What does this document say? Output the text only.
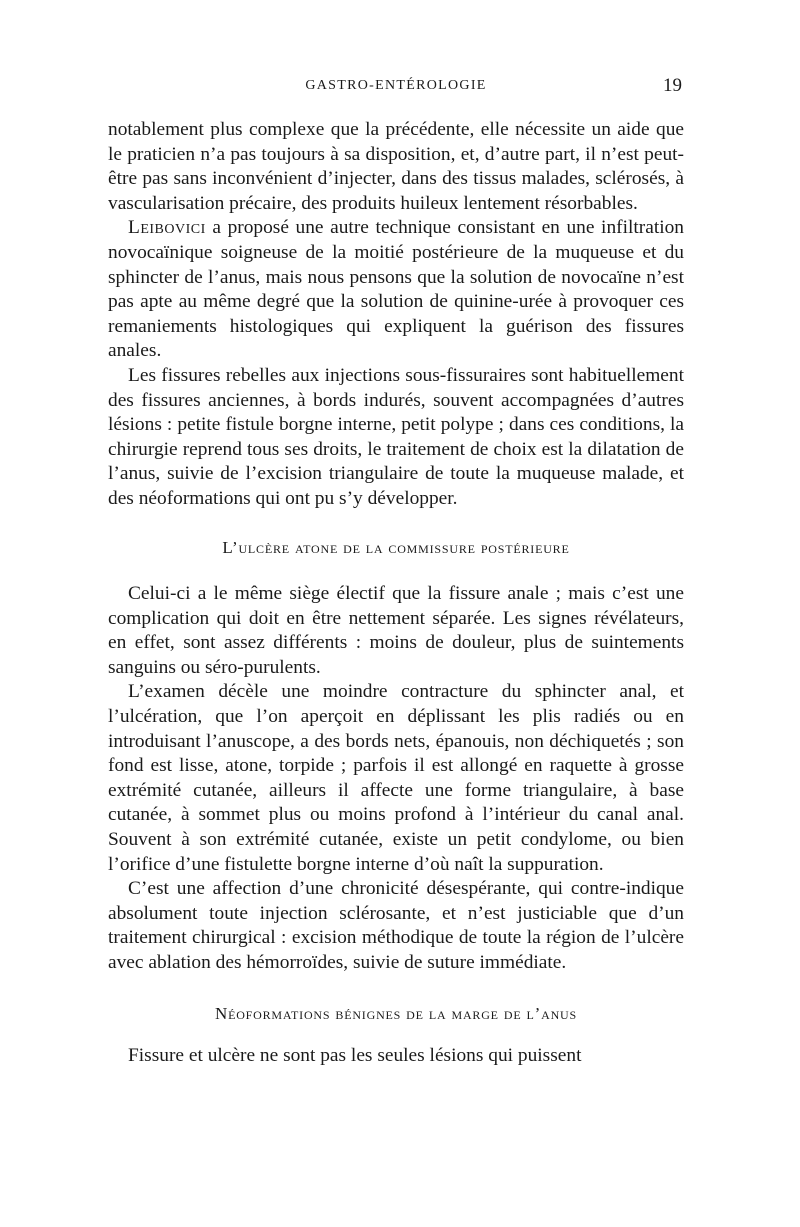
GASTRO-ENTÉROLOGIE	19

notablement plus complexe que la précédente, elle nécessite un aide que le praticien n’a pas toujours à sa disposition, et, d’autre part, il n’est peut-être pas sans inconvénient d’injecter, dans des tissus malades, sclérosés, à vascularisation précaire, des produits huileux lentement résorbables.

Leibovici a proposé une autre technique consistant en une infiltration novocaïnique soigneuse de la moitié postérieure de la muqueuse et du sphincter de l’anus, mais nous pensons que la solution de novocaïne n’est pas apte au même degré que la solution de quinine-urée à provoquer ces remaniements histologiques qui expliquent la guérison des fissures anales.

Les fissures rebelles aux injections sous-fissuraires sont habituellement des fissures anciennes, à bords indurés, souvent accompagnées d’autres lésions : petite fistule borgne interne, petit polype ; dans ces conditions, la chirurgie reprend tous ses droits, le traitement de choix est la dilatation de l’anus, suivie de l’excision triangulaire de toute la muqueuse malade, et des néoformations qui ont pu s’y développer.

L’ulcère atone de la commissure postérieure

Celui-ci a le même siège électif que la fissure anale ; mais c’est une complication qui doit en être nettement séparée. Les signes révélateurs, en effet, sont assez différents : moins de douleur, plus de suintements sanguins ou séro-purulents.

L’examen décèle une moindre contracture du sphincter anal, et l’ulcération, que l’on aperçoit en déplissant les plis radiés ou en introduisant l’anuscope, a des bords nets, épanouis, non déchiquetés ; son fond est lisse, atone, torpide ; parfois il est allongé en raquette à grosse extrémité cutanée, ailleurs il affecte une forme triangulaire, à base cutanée, à sommet plus ou moins profond à l’intérieur du canal anal. Souvent à son extrémité cutanée, existe un petit condylome, ou bien l’orifice d’une fistulette borgne interne d’où naît la suppuration.

C’est une affection d’une chronicité désespérante, qui contre-indique absolument toute injection sclérosante, et n’est justiciable que d’un traitement chirurgical : excision méthodique de toute la région de l’ulcère avec ablation des hémorroïdes, suivie de suture immédiate.

Néoformations bénignes de la marge de l’anus

Fissure et ulcère ne sont pas les seules lésions qui puissent
